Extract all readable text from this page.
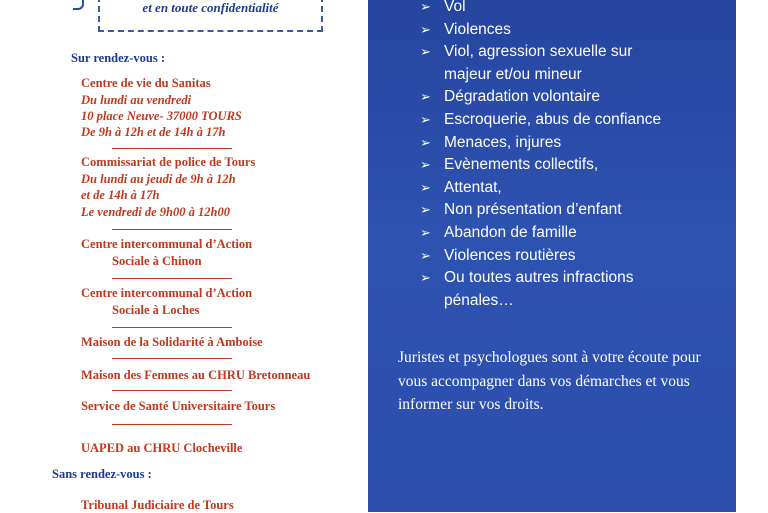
et en toute confidentialité
Sur rendez-vous :
Centre de vie du Sanitas
Du lundi au vendredi
10 place Neuve- 37000 TOURS
De 9h à 12h et de 14h à 17h
Commissariat de police de Tours
Du lundi au jeudi de 9h à 12h
et de 14h à 17h
Le vendredi de 9h00 à 12h00
Centre intercommunal d’Action
Sociale à Chinon
Centre intercommunal d’Action
Sociale à Loches
Maison de la Solidarité à Amboise
Maison des Femmes au CHRU Bretonneau
Service de Santé Universitaire Tours
UAPED au CHRU Clocheville
Sans rendez-vous :
Tribunal Judiciaire de Tours
➢ Vol
➢ Violences
➢ Viol, agression sexuelle sur
majeur et/ou mineur
➢ Dégradation volontaire
➢ Escroquerie, abus de confiance
➢ Menaces, injures
➢ Evènements collectifs,
➢ Attentat,
➢ Non présentation d’enfant
➢ Abandon de famille
➢ Violences routières
➢ Ou toutes autres infractions
pénales…
Juristes et psychologues sont à votre écoute pour vous accompagner dans vos démarches et vous informer sur vos droits.
